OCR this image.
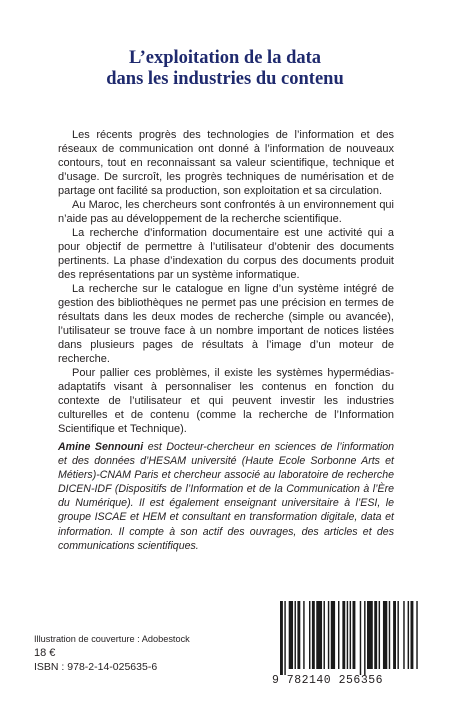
L’exploitation de la data
dans les industries du contenu

Les récents progrès des technologies de l’information et des réseaux de communication ont donné à l’information de nouveaux contours, tout en reconnaissant sa valeur scientifique, technique et d’usage. De surcroît, les progrès techniques de numérisation et de partage ont facilité sa production, son exploitation et sa circulation.

Au Maroc, les chercheurs sont confrontés à un environnement qui n’aide pas au développement de la recherche scientifique.

La recherche d’information documentaire est une activité qui a pour objectif de permettre à l’utilisateur d’obtenir des documents pertinents. La phase d’indexation du corpus des documents produit des représentations par un système informatique.

La recherche sur le catalogue en ligne d’un système intégré de gestion des bibliothèques ne permet pas une précision en termes de résultats dans les deux modes de recherche (simple ou avancée), l’utilisateur se trouve face à un nombre important de notices listées dans plusieurs pages de résultats à l’image d’un moteur de recherche.

Pour pallier ces problèmes, il existe les systèmes hypermédias-adaptatifs visant à personnaliser les contenus en fonction du contexte de l’utilisateur et qui peuvent investir les industries culturelles et de contenu (comme la recherche de l’Information Scientifique et Technique).

Amine Sennouni est Docteur-chercheur en sciences de l’information et des données d’HESAM université (Haute Ecole Sorbonne Arts et Métiers)-CNAM Paris et chercheur associé au laboratoire de recherche DICEN-IDF (Dispositifs de l’Information et de la Communication à l’Ère du Numérique). Il est également enseignant universitaire à l’ESI, le groupe ISCAE et HEM et consultant en transformation digitale, data et information. Il compte à son actif des ouvrages, des articles et des communications scientifiques.
Illustration de couverture : Adobestock
18 €
ISBN : 978-2-14-025635-6
9 782140 256356
